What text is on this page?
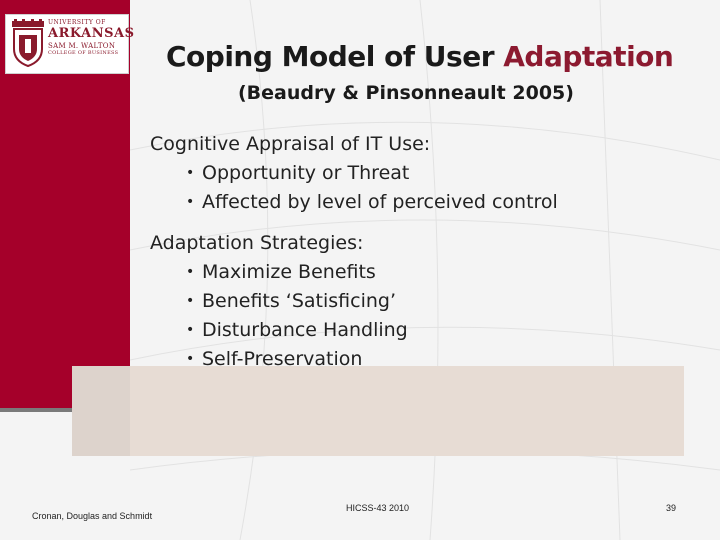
UNIVERSITY OF
ARKANSAS
SAM M. WALTON
COLLEGE OF BUSINESS Coping Model of User Adaptation
(Beaudry & Pinsonneault 2005)

Cognitive Appraisal of IT Use:

• Opportunity or Threat
• Affected by level of perceived control

Adaptation Strategies:

• Maximize Benefits
• Benefits ‘Satisficing’
• Disturbance Handling
• Self-Preservation
Cronan, Douglas and Schmidt
HICSS-43 2010	39
